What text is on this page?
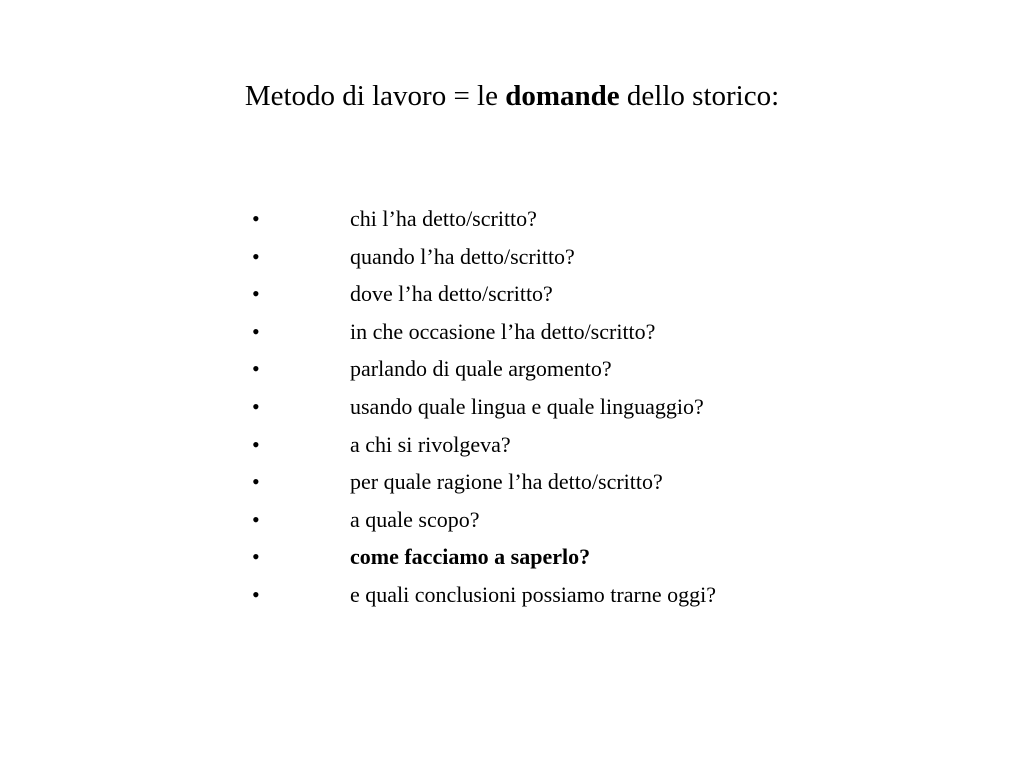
Metodo di lavoro = le domande dello storico:
•	chi l’ha detto/scritto?
•	quando l’ha detto/scritto?
•	dove l’ha detto/scritto?
•	in che occasione l’ha detto/scritto?
•	parlando di quale argomento?
•	usando quale lingua e quale linguaggio?
•	a chi si rivolgeva?
•	per quale ragione l’ha detto/scritto?
•	a quale scopo?
•	come facciamo a saperlo?
•	e quali conclusioni possiamo trarne oggi?
